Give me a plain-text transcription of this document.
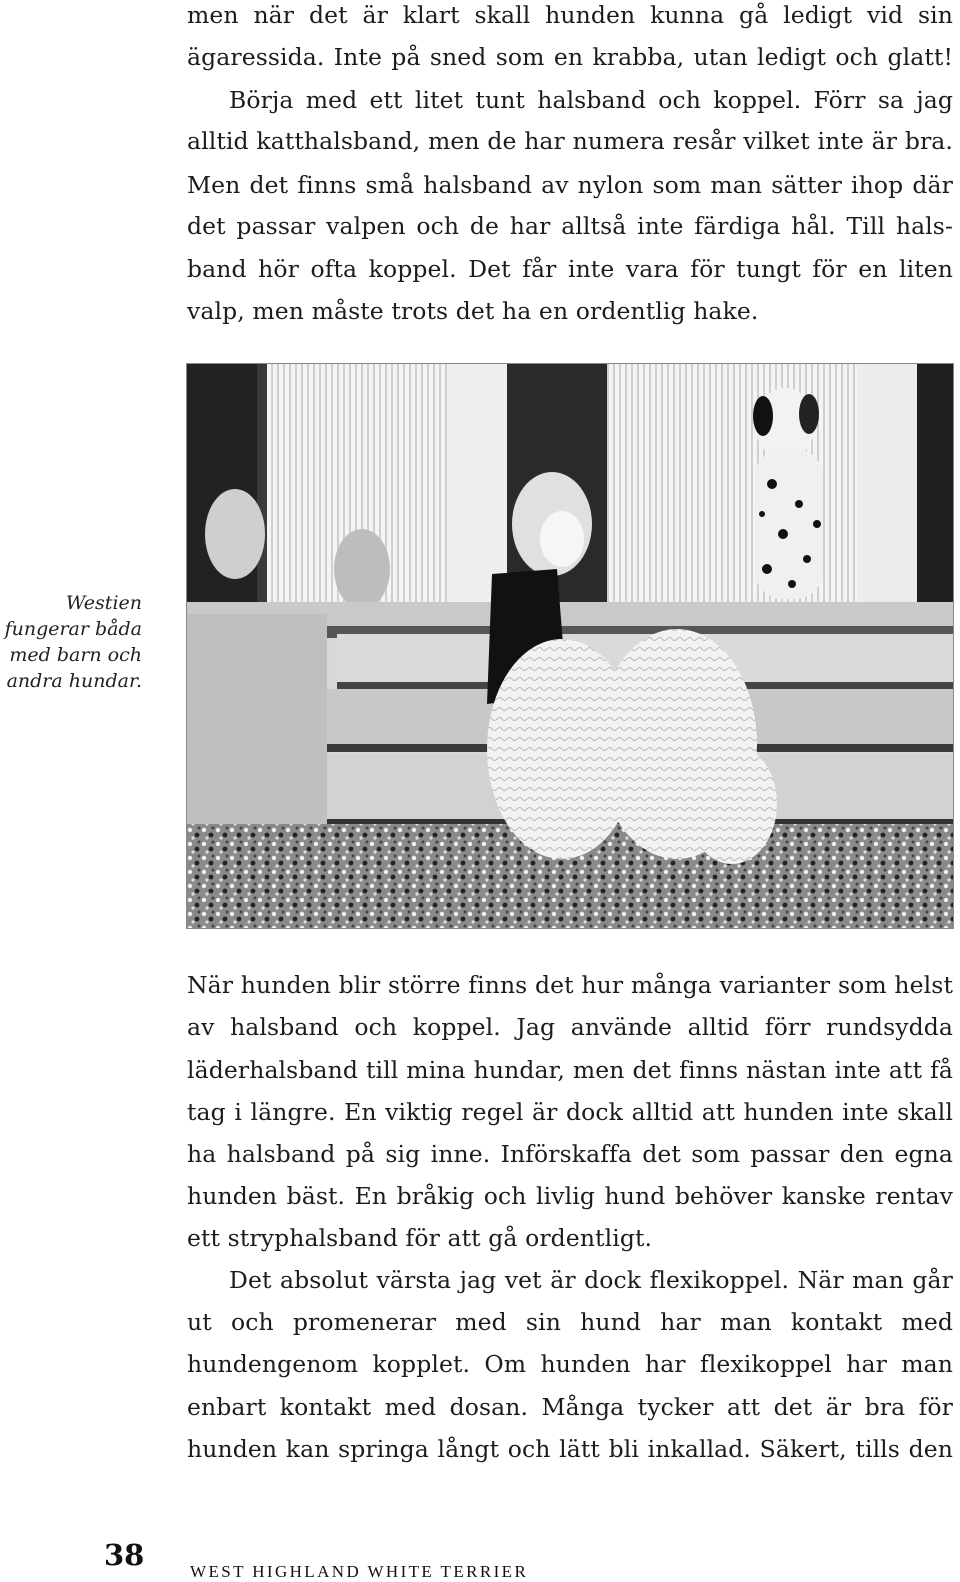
men när det är klart skall hunden kunna gå ledigt vid sin
ägaressida. Inte på sned som en krabba, utan ledigt och glatt!
Börja med ett litet tunt halsband och koppel. Förr sa jag
alltid katthalsband, men de har numera resår vilket inte är bra.
Men det finns små halsband av nylon som man sätter ihop där
det passar valpen och de har alltså inte färdiga hål. Till hals-
band hör ofta koppel. Det får inte vara för tungt för en liten
valp, men måste trots det ha en ordentlig hake.
Westien
fungerar båda
med barn och
andra hundar.
När hunden blir större finns det hur många varianter som helst
av halsband och koppel. Jag använde alltid förr rundsydda
läderhalsband till mina hundar, men det finns nästan inte att få
tag i längre. En viktig regel är dock alltid att hunden inte skall
ha halsband på sig inne. Införskaffa det som passar den egna
hunden bäst. En bråkig och livlig hund behöver kanske rentav
ett stryphalsband för att gå ordentligt.
Det absolut värsta jag vet är dock flexikoppel. När man går
ut och promenerar med sin hund har man kontakt med
hundengenom kopplet. Om hunden har flexikoppel har man
enbart kontakt med dosan. Många tycker att det är bra för
hunden kan springa långt och lätt bli inkallad. Säkert, tills den
38	WEST HIGHLAND WHITE TERRIER
